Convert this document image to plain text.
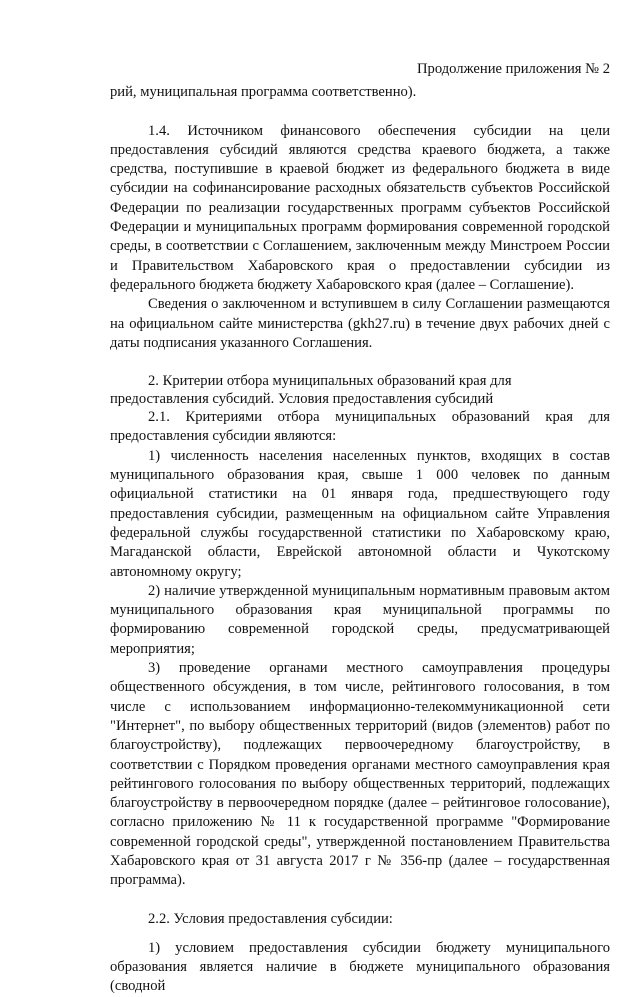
Продолжение приложения № 2

рий, муниципальная программа соответственно).

1.4. Источником финансового обеспечения субсидии на цели предоставления субсидий являются средства краевого бюджета, а также средства, поступившие в краевой бюджет из федерального бюджета в виде субсидии на софинансирование расходных обязательств субъектов Российской Федерации по реализации государственных программ субъектов Российской Федерации и муниципальных программ формирования современной городской среды, в соответствии с Соглашением, заключенным между Минстроем России и Правительством Хабаровского края о предоставлении субсидии из федерального бюджета бюджету Хабаровского края (далее – Соглашение).

Сведения о заключенном и вступившем в силу Соглашении размещаются на официальном сайте министерства (gkh27.ru) в течение двух рабочих дней с даты подписания указанного Соглашения.

2. Критерии отбора муниципальных образований края для предоставления субсидий. Условия предоставления субсидий

2.1. Критериями отбора муниципальных образований края для предоставления субсидии являются:

1) численность населения населенных пунктов, входящих в состав муниципального образования края, свыше 1 000 человек по данным официальной статистики на 01 января года, предшествующего году предоставления субсидии, размещенным на официальном сайте Управления федеральной службы государственной статистики по Хабаровскому краю, Магаданской области, Еврейской автономной области и Чукотскому автономному округу;

2) наличие утвержденной муниципальным нормативным правовым актом муниципального образования края муниципальной программы по формированию современной городской среды, предусматривающей мероприятия;

3) проведение органами местного самоуправления процедуры общественного обсуждения, в том числе, рейтингового голосования, в том числе с использованием информационно-телекоммуникационной сети "Интернет", по выбору общественных территорий (видов (элементов) работ по благоустройству), подлежащих первоочередному благоустройству, в соответствии с Порядком проведения органами местного самоуправления края рейтингового голосования по выбору общественных территорий, подлежащих благоустройству в первоочередном порядке (далее – рейтинговое голосование), согласно приложению № 11 к государственной программе "Формирование современной городской среды", утвержденной постановлением Правительства Хабаровского края от 31 августа 2017 г № 356-пр (далее – государственная программа).

2.2. Условия предоставления субсидии:

1) условием предоставления субсидии бюджету муниципального образования является наличие в бюджете муниципального образования (сводной
